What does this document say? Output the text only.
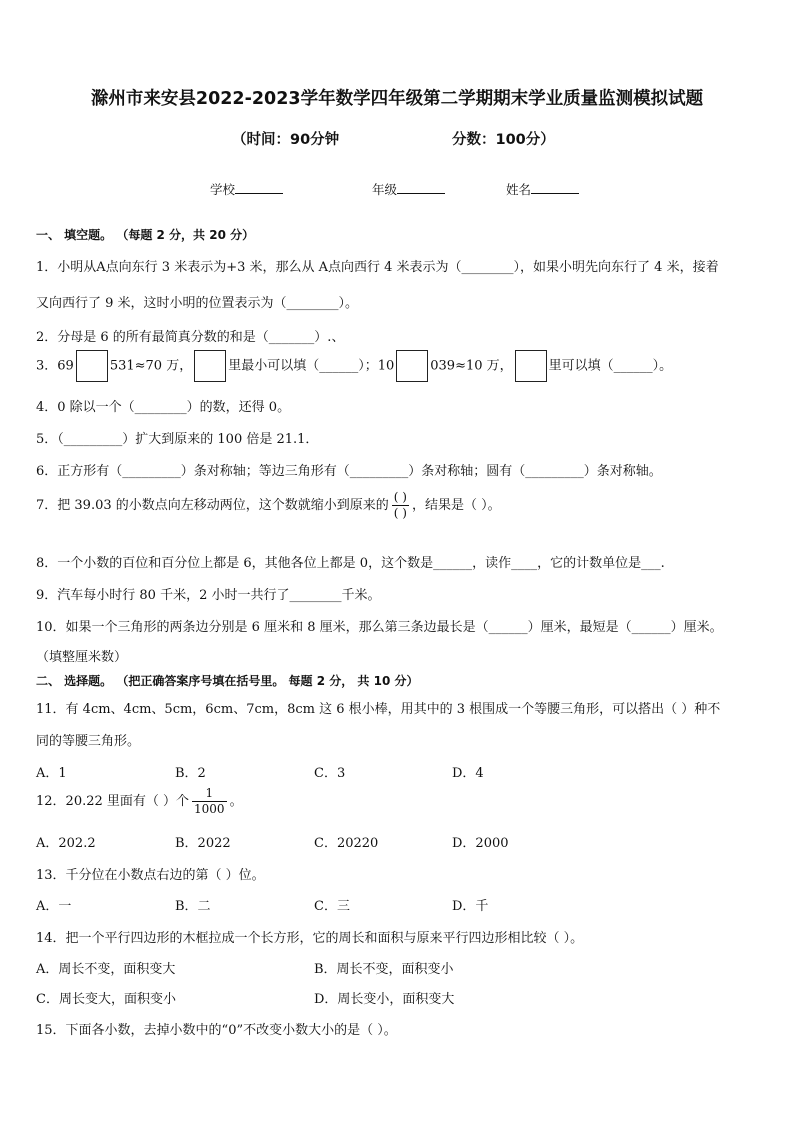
滁州市来安县2022-2023学年数学四年级第二学期期末学业质量监测模拟试题
（时间：90分钟	分数：100分）
学校	年级	姓名
一、 填空题。 （每题 2 分，共 20 分）
1．小明从A点向东行 3 米表示为+3 米，那么从 A点向西行 4 米表示为（________），如果小明先向东行了 4 米，接着
又向西行了 9 米，这时小明的位置表示为（________）。
2．分母是 6 的所有最简真分数的和是（_______）.、
3．69	531≈70 万，	里最小可以填（______）；10	039≈10 万，	里可以填（______）。
4．0 除以一个（________）的数，还得 0。
5．（_________）扩大到原来的 100 倍是 21.1．
6．正方形有（_________）条对称轴；等边三角形有（_________）条对称轴；圆有（_________）条对称轴。
7．把 39.03 的小数点向左移动两位，这个数就缩小到原来的 $\frac{( )}{( )}$ ，结果是（ ）。
8．一个小数的百位和百分位上都是 6，其他各位上都是 0，这个数是______，读作____，它的计数单位是___.
9．汽车每小时行 80 千米，2 小时一共行了________千米。
10．如果一个三角形的两条边分别是 6 厘米和 8 厘米，那么第三条边最长是（______）厘米，最短是（______）厘米。
（填整厘米数）
二、 选择题。 （把正确答案序号填在括号里。 每题 2 分， 共 10 分）
11．有 4cm、4cm、5cm，6cm、7cm，8cm 这 6 根小棒，用其中的 3 根围成一个等腰三角形，可以搭出（ ）种不
同的等腰三角形。
A．1	B．2	C．3	D．4
12．20.22 里面有（ ）个 $\frac{1}{1000}$ 。
A．202.2	B．2022	C．20220	D．2000
13．千分位在小数点右边的第（ ）位。
A．一	B．二	C．三	D．千
14．把一个平行四边形的木框拉成一个长方形，它的周长和面积与原来平行四边形相比较（ ）。
A．周长不变，面积变大	B．周长不变，面积变小
C．周长变大，面积变小	D．周长变小，面积变大
15．下面各小数，去掉小数中的“0”不改变小数大小的是（ ）。
